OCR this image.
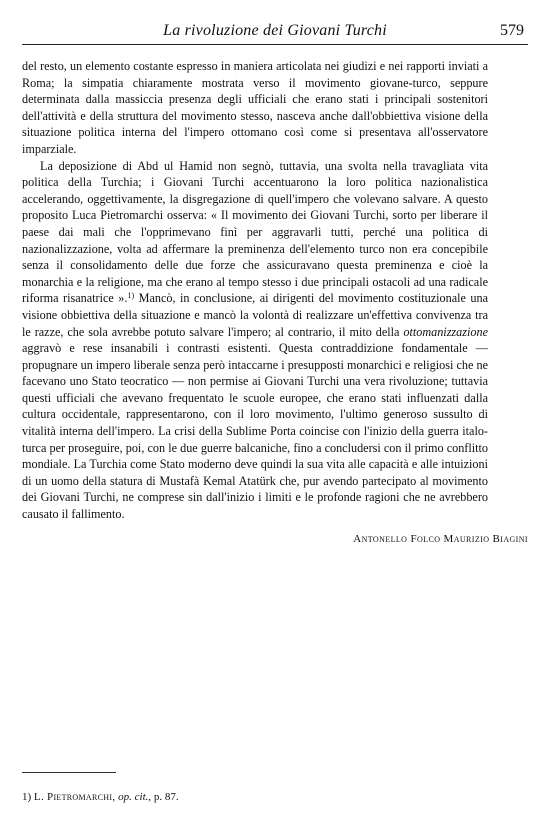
La rivoluzione dei Giovani Turchi	579

del resto, un elemento costante espresso in maniera articolata nei giudizi e nei rapporti inviati a Roma; la simpatia chiaramente mostrata verso il movimento giovane-turco, seppure determinata dalla massiccia presenza degli ufficiali che erano stati i principali sostenitori dell'attività e della struttura del movimento stesso, nasceva anche dall'obbiettiva visione della situazione politica interna del l'impero ottomano così come si presentava all'osservatore imparziale.

La deposizione di Abd ul Hamid non segnò, tuttavia, una svolta nella travagliata vita politica della Turchia; i Giovani Turchi accentuarono la loro politica nazionalistica accelerando, oggettivamente, la disgregazione di quell'impero che volevano salvare. A questo proposito Luca Pietromarchi osserva: « Il movimento dei Giovani Turchi, sorto per liberare il paese dai mali che l'opprimevano finì per aggravarli tutti, perché una politica di nazionalizzazione, volta ad affermare la preminenza dell'elemento turco non era concepibile senza il consolidamento delle due forze che assicuravano questa preminenza e cioè la monarchia e la religione, ma che erano al tempo stesso i due principali ostacoli ad una radicale riforma risanatrice ».$^{1)}$ Mancò, in conclusione, ai dirigenti del movimento costituzionale una visione obbiettiva della situazione e mancò la volontà di realizzare un'effettiva convivenza tra le razze, che sola avrebbe potuto salvare l'impero; al contrario, il mito della ottomanizzazione aggravò e rese insanabili i contrasti esistenti. Questa contraddizione fondamentale — propugnare un impero liberale senza però intaccarne i presupposti monarchici e religiosi che ne facevano uno Stato teocratico — non permise ai Giovani Turchi una vera rivoluzione; tuttavia questi ufficiali che avevano frequentato le scuole europee, che erano stati influenzati dalla cultura occidentale, rappresentarono, con il loro movimento, l'ultimo generoso sussulto di vitalità interna dell'impero. La crisi della Sublime Porta coincise con l'inizio della guerra italo-turca per proseguire, poi, con le due guerre balcaniche, fino a concludersi con il primo conflitto mondiale. La Turchia come Stato moderno deve quindi la sua vita alle capacità e alle intuizioni di un uomo della statura di Mustafà Kemal Atatürk che, pur avendo partecipato al movimento dei Giovani Turchi, ne comprese sin dall'inizio i limiti e le profonde ragioni che ne avrebbero causato il fallimento.

Antonello Folco Maurizio Biagini
1) L. Pietromarchi, op. cit., p. 87.
